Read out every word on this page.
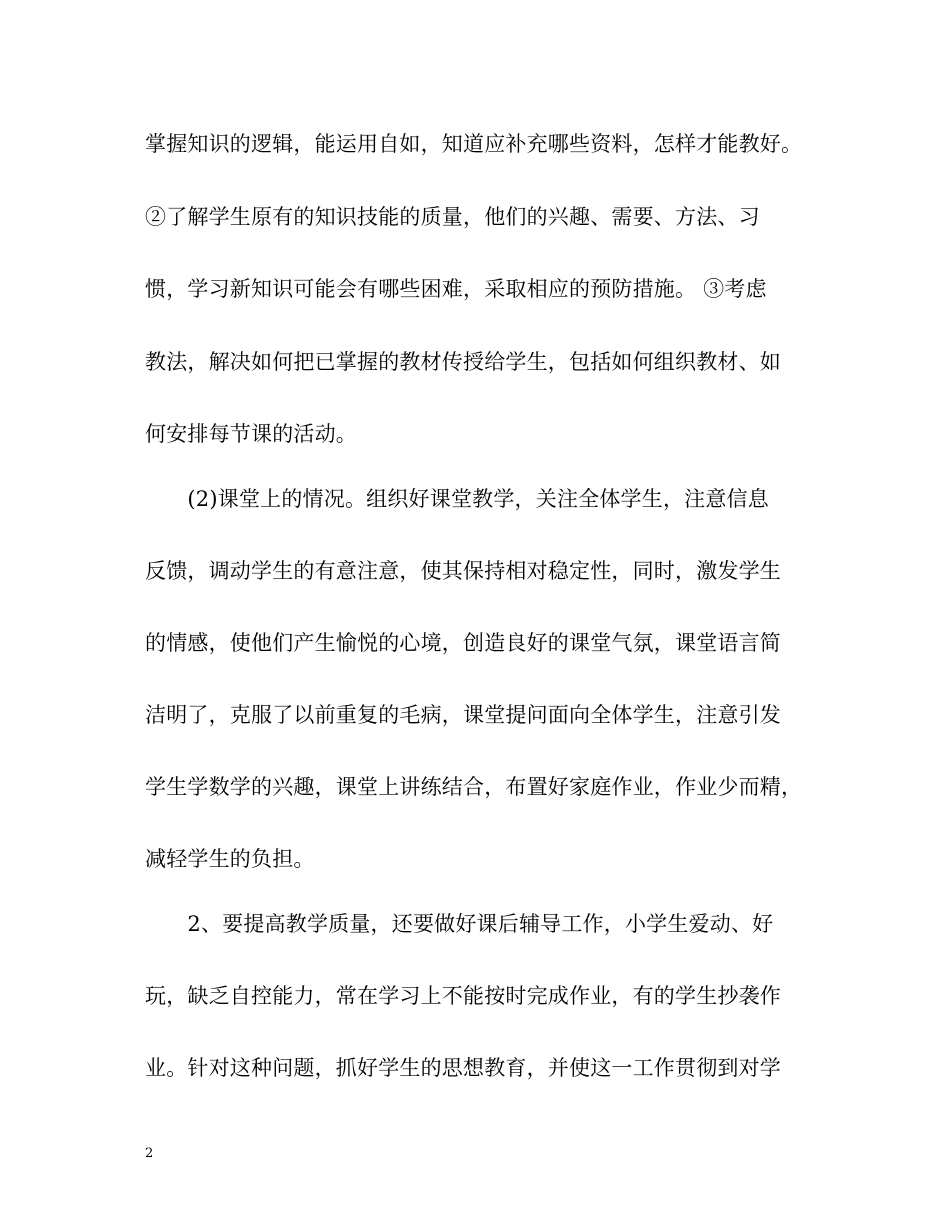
掌握知识的逻辑，能运用自如，知道应补充哪些资料，怎样才能教好。
②了解学生原有的知识技能的质量，他们的兴趣、需要、方法、习
惯，学习新知识可能会有哪些困难，采取相应的预防措施。 ③考虑
教法，解决如何把已掌握的教材传授给学生，包括如何组织教材、如
何安排每节课的活动。
　　(2)课堂上的情况。组织好课堂教学，关注全体学生，注意信息
反馈，调动学生的有意注意，使其保持相对稳定性，同时，激发学生
的情感，使他们产生愉悦的心境，创造良好的课堂气氛，课堂语言简
洁明了，克服了以前重复的毛病，课堂提问面向全体学生，注意引发
学生学数学的兴趣，课堂上讲练结合，布置好家庭作业，作业少而精，
减轻学生的负担。
　　2、要提高教学质量，还要做好课后辅导工作，小学生爱动、好
玩，缺乏自控能力，常在学习上不能按时完成作业，有的学生抄袭作
业。针对这种问题，抓好学生的思想教育，并使这一工作贯彻到对学
2
